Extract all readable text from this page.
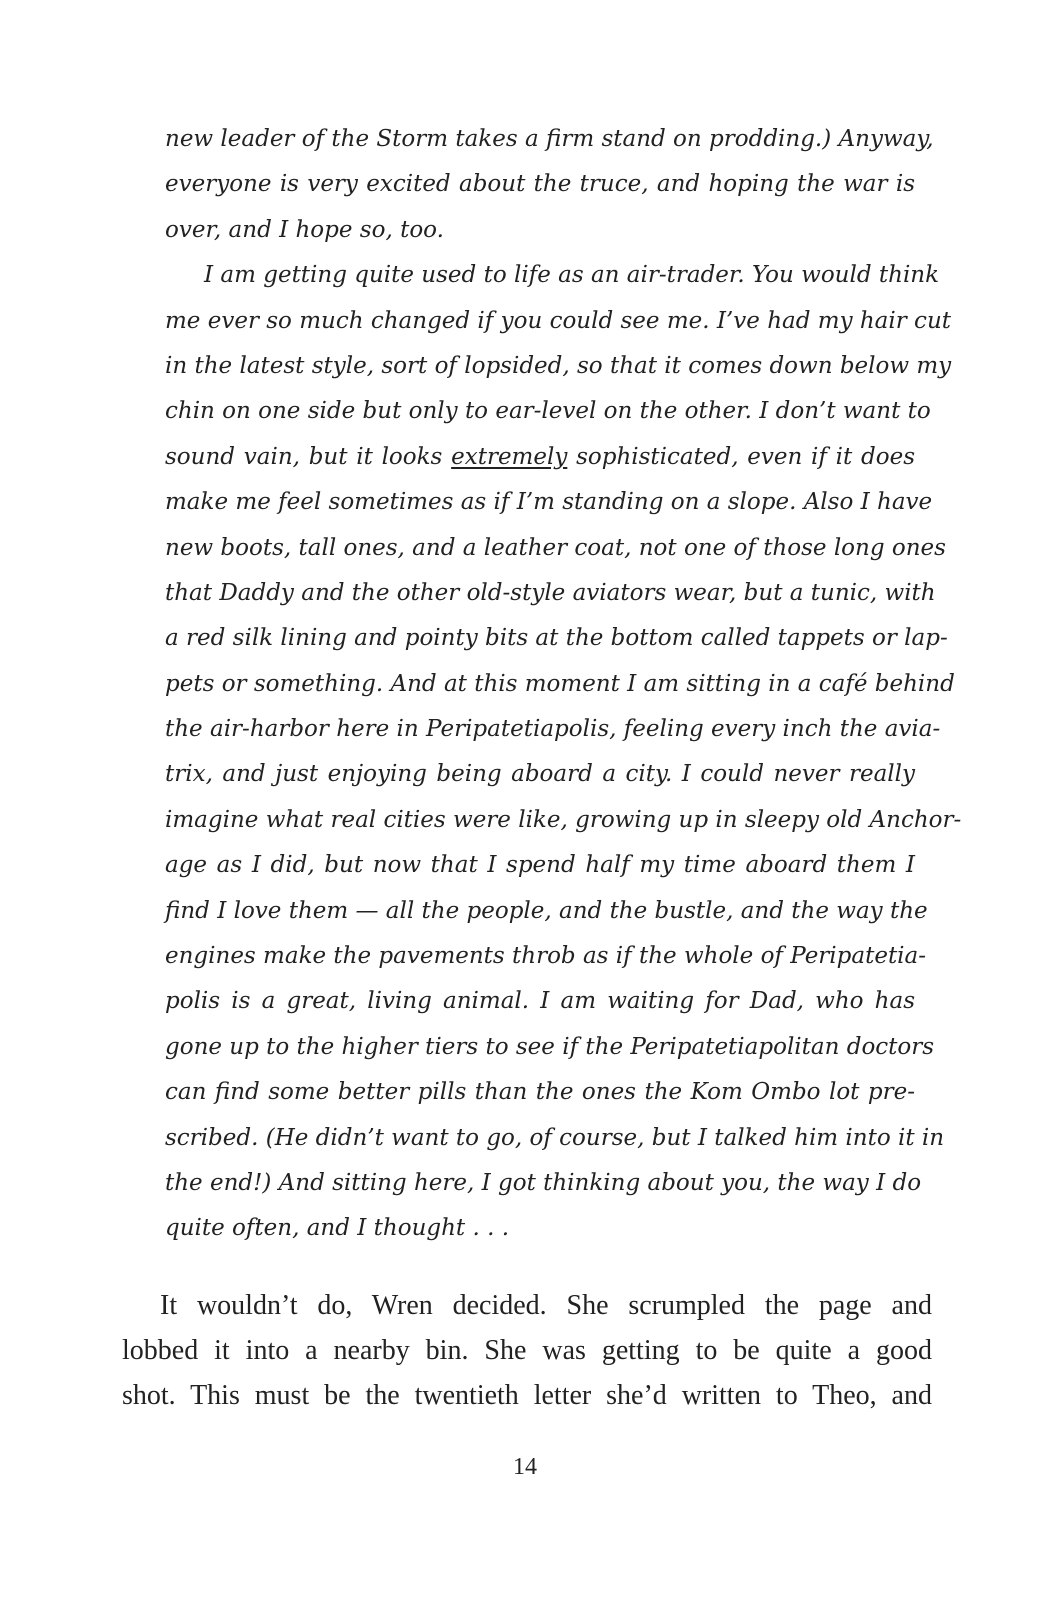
new leader of the Storm takes a firm stand on prodding.) Anyway,
everyone is very excited about the truce, and hoping the war is
over, and I hope so, too.
I am getting quite used to life as an air-trader. You would think
me ever so much changed if you could see me. I’ve had my hair cut
in the latest style, sort of lopsided, so that it comes down below my
chin on one side but only to ear-level on the other. I don’t want to
sound vain, but it looks extremely sophisticated, even if it does
make me feel sometimes as if I’m standing on a slope. Also I have
new boots, tall ones, and a leather coat, not one of those long ones
that Daddy and the other old-style aviators wear, but a tunic, with
a red silk lining and pointy bits at the bottom called tappets or lap-
pets or something. And at this moment I am sitting in a café behind
the air-harbor here in Peripatetiapolis, feeling every inch the avia-
trix, and just enjoying being aboard a city. I could never really
imagine what real cities were like, growing up in sleepy old Anchor-
age as I did, but now that I spend half my time aboard them I
find I love them — all the people, and the bustle, and the way the
engines make the pavements throb as if the whole of Peripatetia-
polis is a great, living animal. I am waiting for Dad, who has
gone up to the higher tiers to see if the Peripatetiapolitan doctors
can find some better pills than the ones the Kom Ombo lot pre-
scribed. (He didn’t want to go, of course, but I talked him into it in
the end!) And sitting here, I got thinking about you, the way I do
quite often, and I thought . . .
It wouldn’t do, Wren decided. She scrumpled the page and
lobbed it into a nearby bin. She was getting to be quite a good
shot. This must be the twentieth letter she’d written to Theo, and
14
